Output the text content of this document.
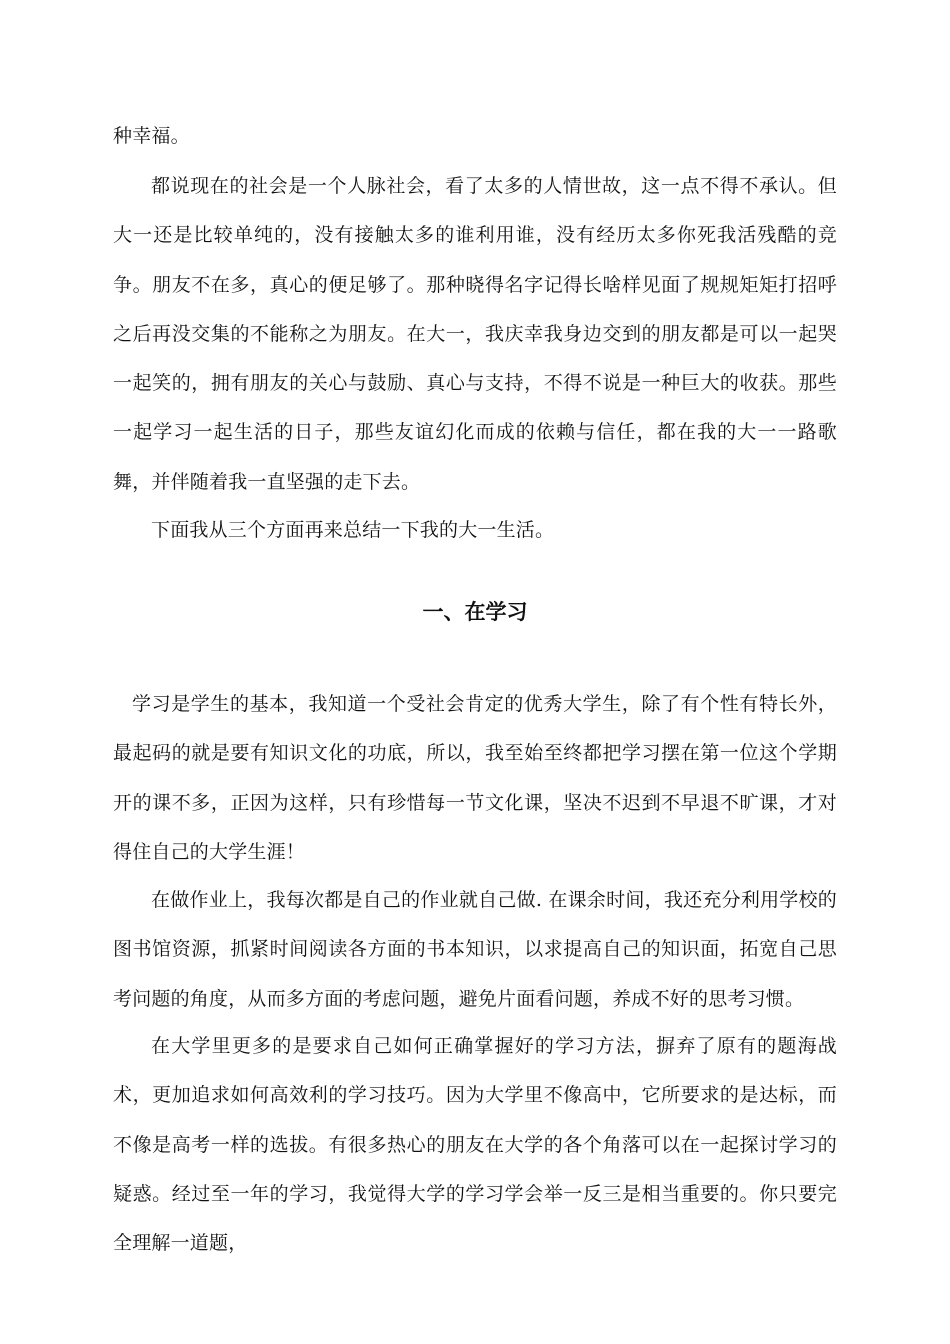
种幸福。

都说现在的社会是一个人脉社会，看了太多的人情世故，这一点不得不承认。但大一还是比较单纯的，没有接触太多的谁利用谁，没有经历太多你死我活残酷的竞争。朋友不在多，真心的便足够了。那种晓得名字记得长啥样见面了规规矩矩打招呼之后再没交集的不能称之为朋友。在大一，我庆幸我身边交到的朋友都是可以一起哭一起笑的，拥有朋友的关心与鼓励、真心与支持，不得不说是一种巨大的收获。那些一起学习一起生活的日子，那些友谊幻化而成的依赖与信任，都在我的大一一路歌舞，并伴随着我一直坚强的走下去。

下面我从三个方面再来总结一下我的大一生活。

一、在学习

学习是学生的基本，我知道一个受社会肯定的优秀大学生，除了有个性有特长外，最起码的就是要有知识文化的功底，所以，我至始至终都把学习摆在第一位这个学期开的课不多，正因为这样，只有珍惜每一节文化课，坚决不迟到不早退不旷课，才对得住自己的大学生涯！

在做作业上，我每次都是自己的作业就自己做. 在课余时间，我还充分利用学校的图书馆资源，抓紧时间阅读各方面的书本知识，以求提高自己的知识面，拓宽自己思考问题的角度，从而多方面的考虑问题，避免片面看问题，养成不好的思考习惯。

在大学里更多的是要求自己如何正确掌握好的学习方法，摒弃了原有的题海战术，更加追求如何高效利的学习技巧。因为大学里不像高中，它所要求的是达标，而不像是高考一样的选拔。有很多热心的朋友在大学的各个角落可以在一起探讨学习的疑惑。经过至一年的学习，我觉得大学的学习学会举一反三是相当重要的。你只要完全理解一道题，
